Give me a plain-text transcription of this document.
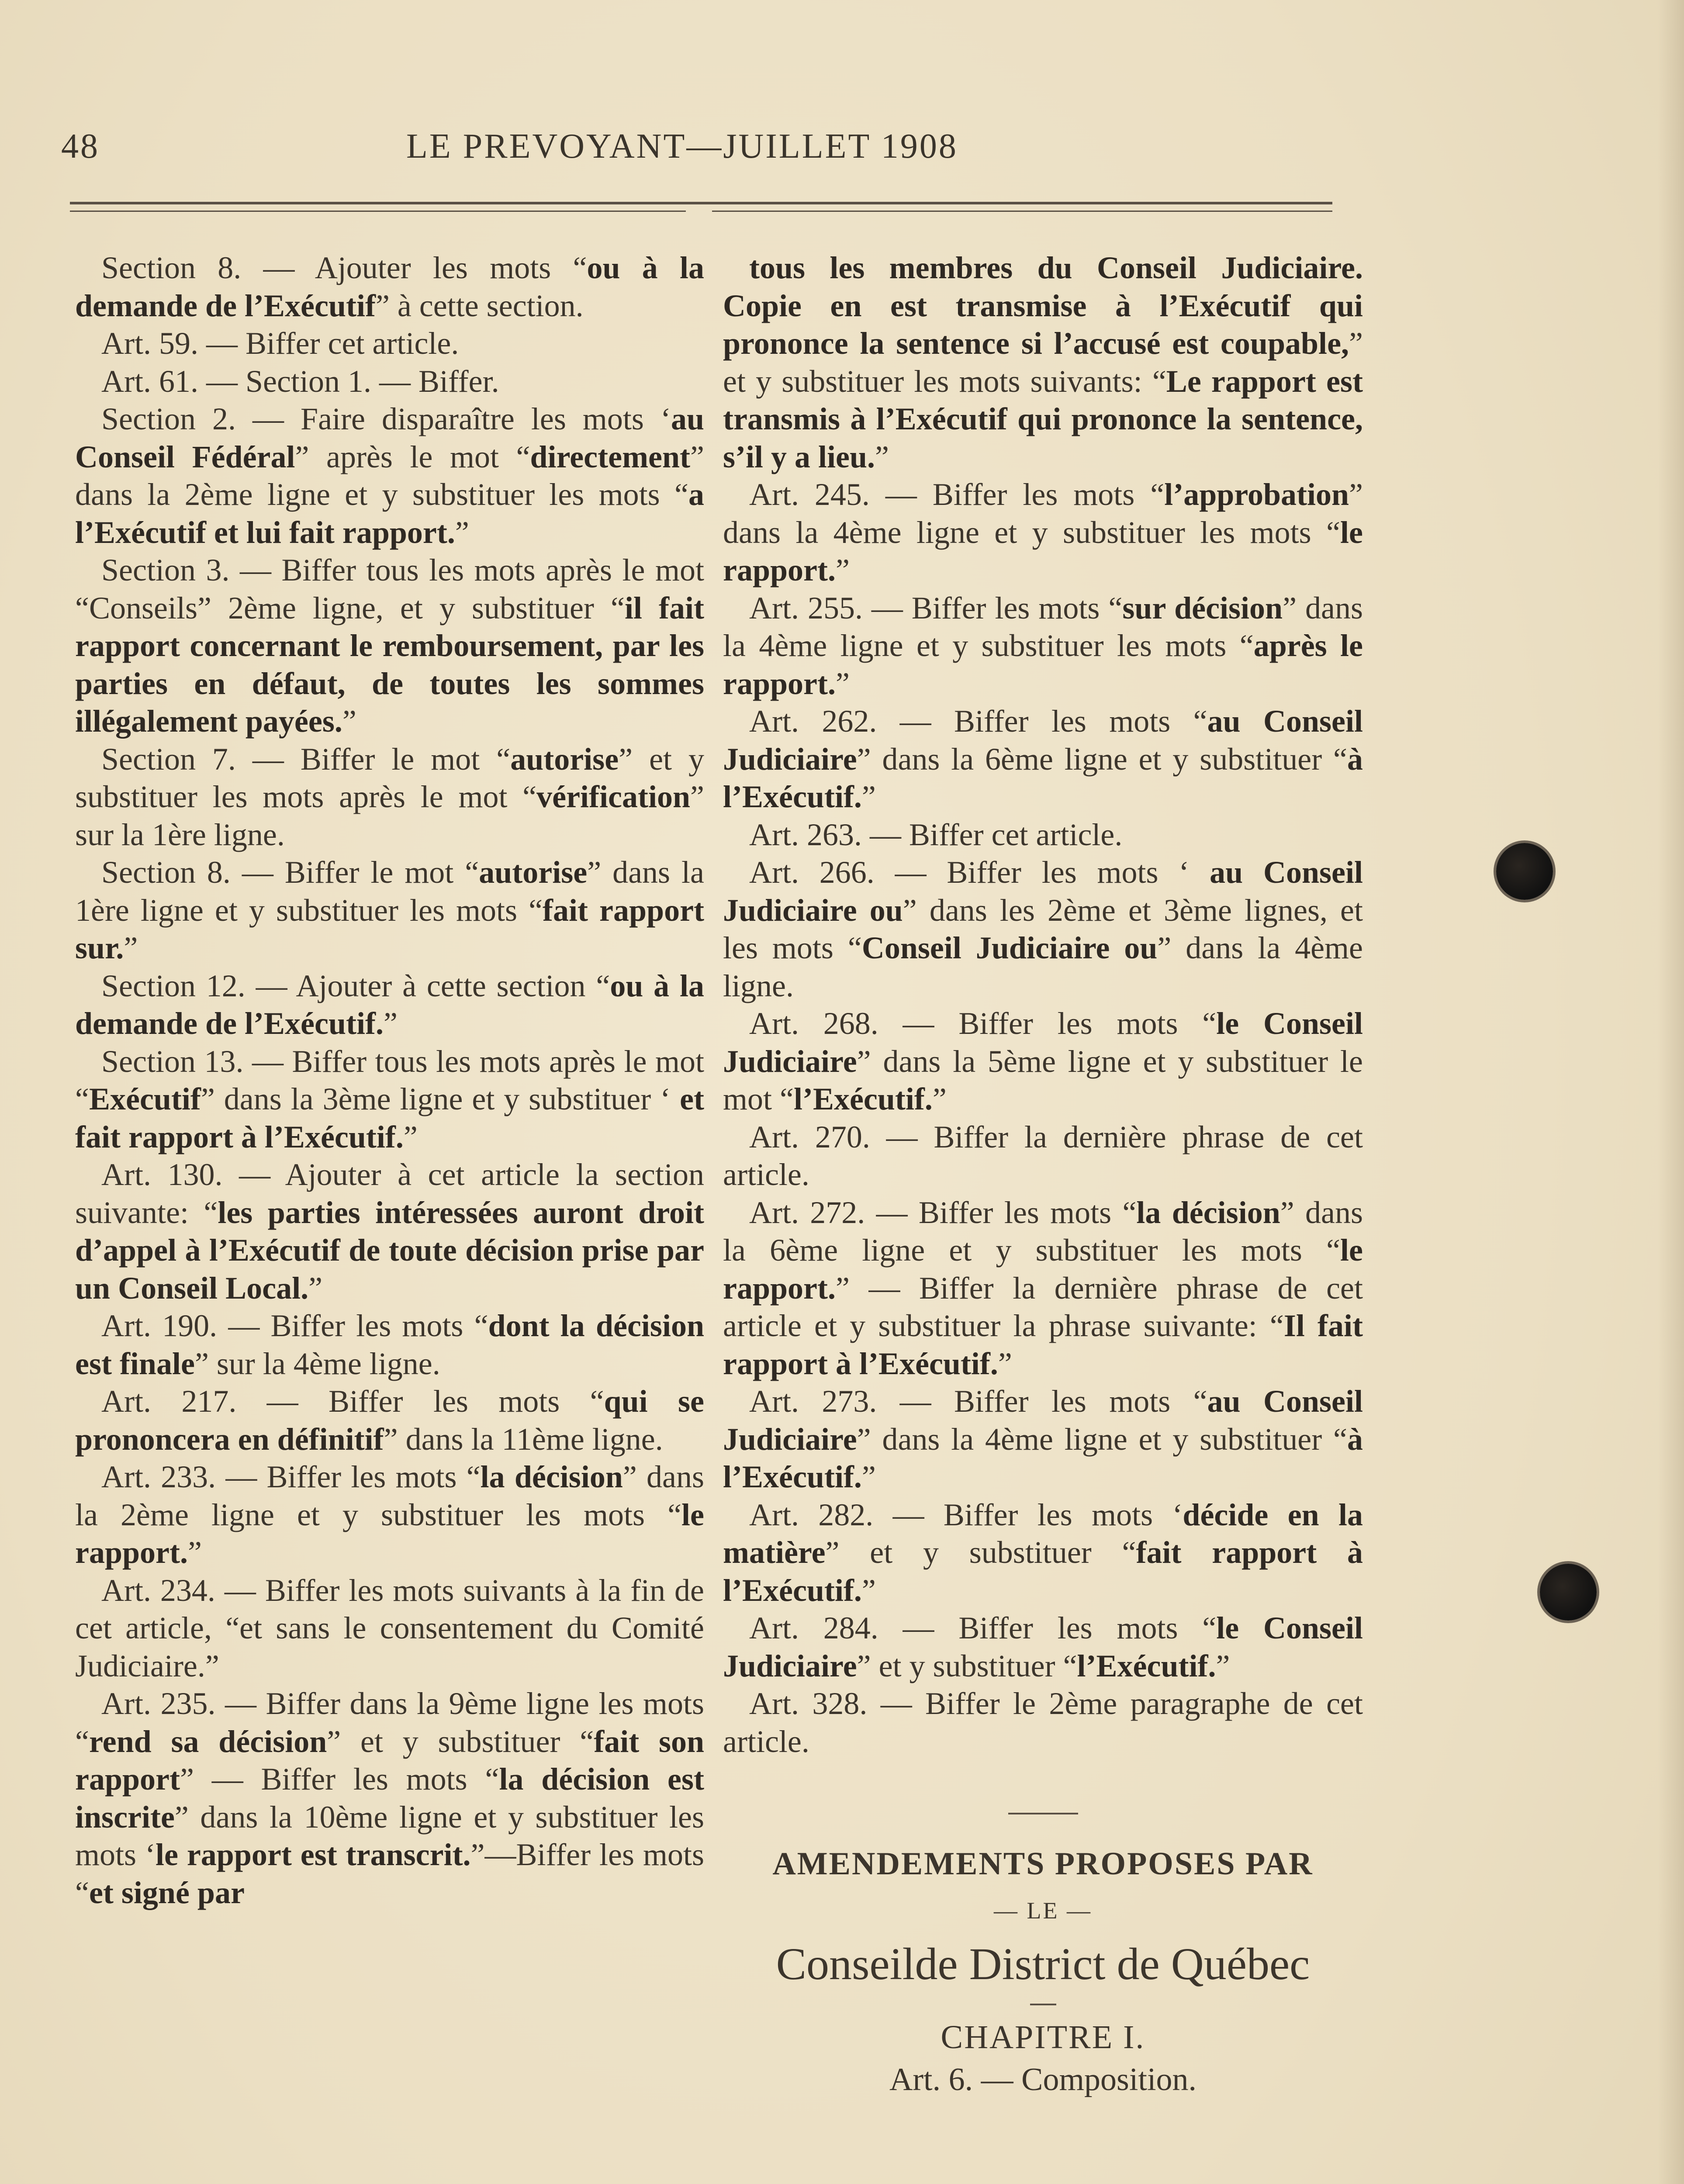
48	LE PREVOYANT—JUILLET 1908

Section 8. — Ajouter les mots “ou à la demande de l’Exécutif” à cette section.

Art. 59. — Biffer cet article.

Art. 61. — Section 1. — Biffer.

Section 2. — Faire disparaître les mots ‘au Conseil Fédéral” après le mot “directement” dans la 2ème ligne et y substituer les mots “a l’Exécutif et lui fait rapport.”

Section 3. — Biffer tous les mots après le mot “Conseils” 2ème ligne, et y substituer “il fait rapport concernant le remboursement, par les parties en défaut, de toutes les sommes illégalement payées.”

Section 7. — Biffer le mot “autorise” et y substituer les mots après le mot “vérification” sur la 1ère ligne.

Section 8. — Biffer le mot “autorise” dans la 1ère ligne et y substituer les mots “fait rapport sur.”

Section 12. — Ajouter à cette section “ou à la demande de l’Exécutif.”

Section 13. — Biffer tous les mots après le mot “Exécutif” dans la 3ème ligne et y substituer ‘ et fait rapport à l’Exécutif.”

Art. 130. — Ajouter à cet article la section suivante: “les parties intéressées auront droit d’appel à l’Exécutif de toute décision prise par un Conseil Local.”

Art. 190. — Biffer les mots “dont la décision est finale” sur la 4ème ligne.

Art. 217. — Biffer les mots “qui se prononcera en définitif” dans la 11ème ligne.

Art. 233. — Biffer les mots “la décision” dans la 2ème ligne et y substituer les mots “le rapport.”

Art. 234. — Biffer les mots suivants à la fin de cet article, “et sans le consentement du Comité Judiciaire.”

Art. 235. — Biffer dans la 9ème ligne les mots “rend sa décision” et y substituer “fait son rapport” — Biffer les mots “la décision est inscrite” dans la 10ème ligne et y substituer les mots ‘le rapport est transcrit.”—Biffer les mots “et signé par

tous les membres du Conseil Judiciaire. Copie en est transmise à l’Exécutif qui prononce la sentence si l’accusé est coupable,” et y substituer les mots suivants: “Le rapport est transmis à l’Exécutif qui prononce la sentence, s’il y a lieu.”

Art. 245. — Biffer les mots “l’approbation” dans la 4ème ligne et y substituer les mots “le rapport.”

Art. 255. — Biffer les mots “sur décision” dans la 4ème ligne et y substituer les mots “après le rapport.”

Art. 262. — Biffer les mots “au Conseil Judiciaire” dans la 6ème ligne et y substituer “à l’Exécutif.”

Art. 263. — Biffer cet article.

Art. 266. — Biffer les mots ‘ au Conseil Judiciaire ou” dans les 2ème et 3ème lignes, et les mots “Conseil Judiciaire ou” dans la 4ème ligne.

Art. 268. — Biffer les mots “le Conseil Judiciaire” dans la 5ème ligne et y substituer le mot “l’Exécutif.”

Art. 270. — Biffer la dernière phrase de cet article.

Art. 272. — Biffer les mots “la décision” dans la 6ème ligne et y substituer les mots “le rapport.” — Biffer la dernière phrase de cet article et y substituer la phrase suivante: “Il fait rapport à l’Exécutif.”

Art. 273. — Biffer les mots “au Conseil Judiciaire” dans la 4ème ligne et y substituer “à l’Exécutif.”

Art. 282. — Biffer les mots ‘décide en la matière” et y substituer “fait rapport à l’Exécutif.”

Art. 284. — Biffer les mots “le Conseil Judiciaire” et y substituer “l’Exécutif.”

Art. 328. — Biffer le 2ème paragraphe de cet article.

AMENDEMENTS PROPOSES PAR

— LE —

Conseilde District de Québec

CHAPITRE I.

Art. 6. — Composition.
